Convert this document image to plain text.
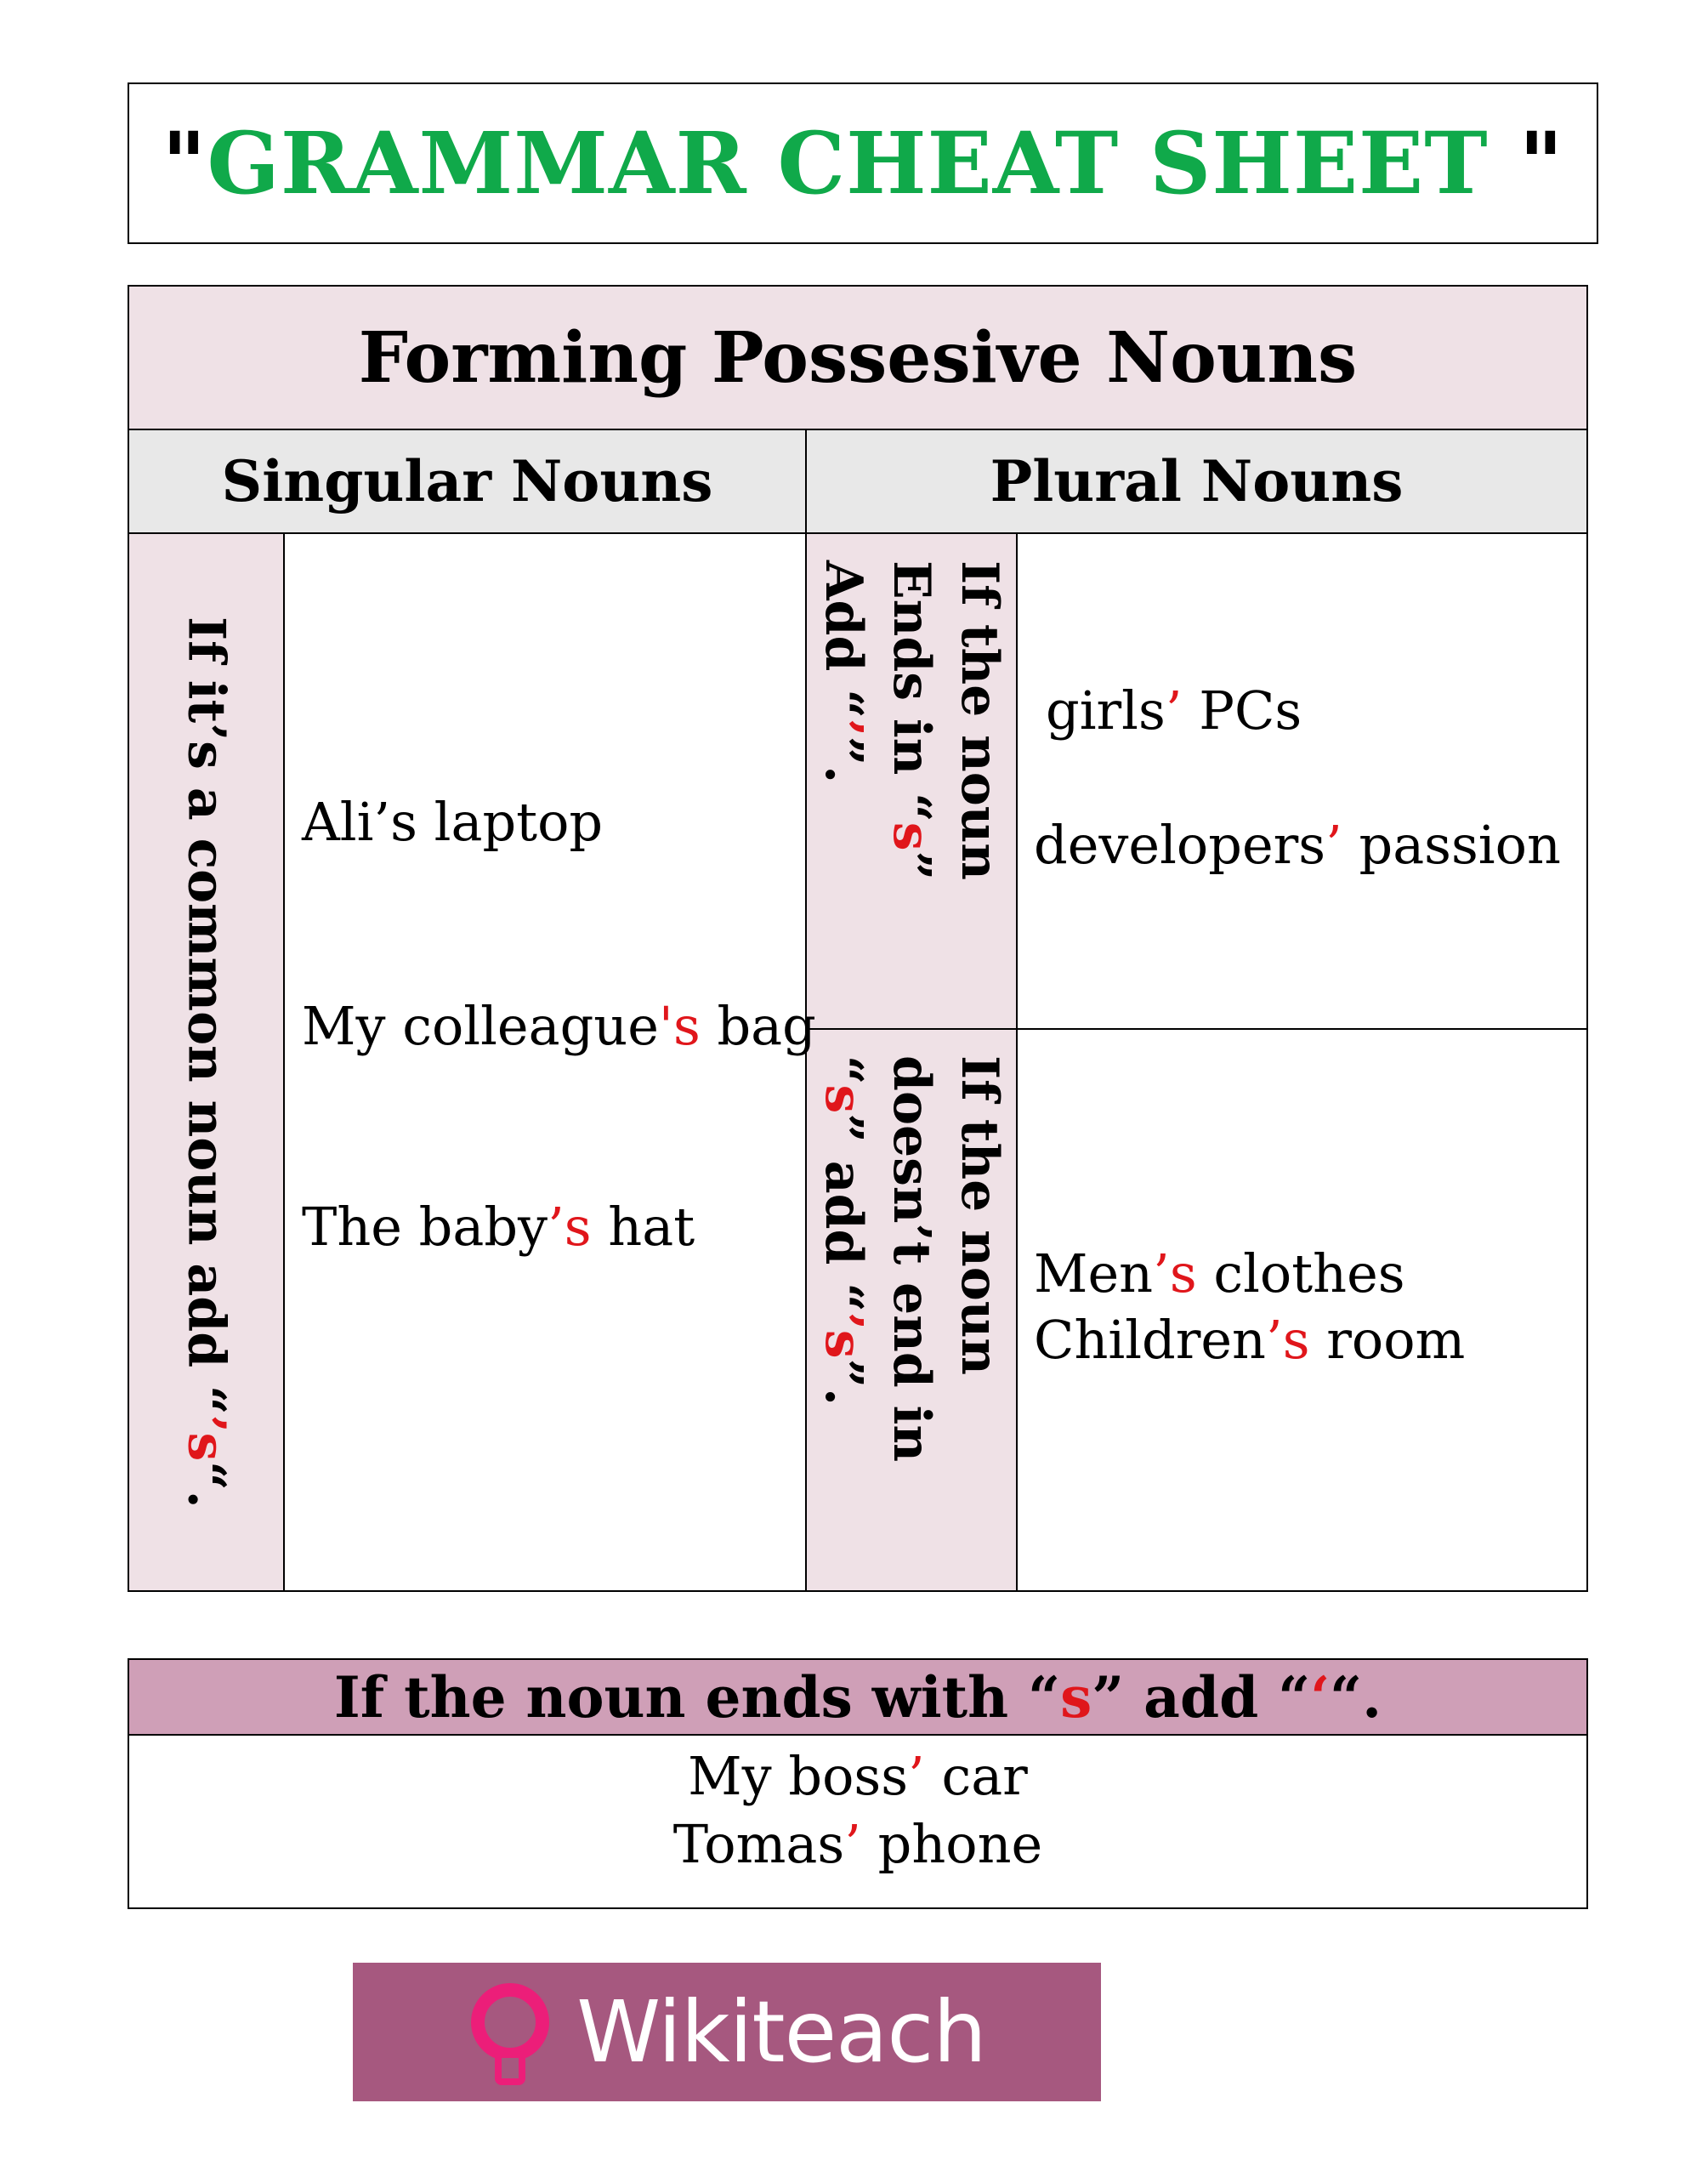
"GRAMMAR CHEAT SHEET "
Forming Possesive Nouns
Singular Nouns	Plural Nouns
If it’s a common noun add “’s“.
Ali’s laptop
My colleague's bag
The baby’s hat
If the noun Ends in “s” Add “’”.
girls’ PCs
developers’ passion
If the noun doesn’t end in “s” add “’s”.
Men’s clothes
Children’s room
If the noun ends with “ s ” add “ ‘ “.
My boss’ car
Tomas’ phone
Wikiteach
